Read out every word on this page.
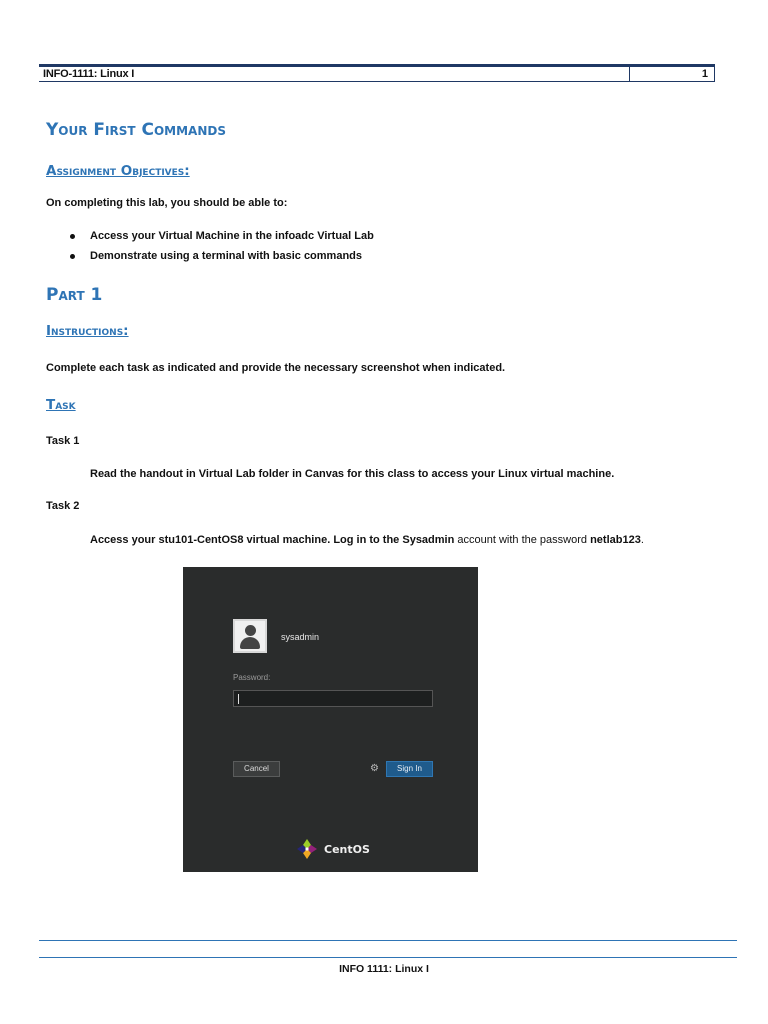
INFO-1111: Linux I	1
Your First Commands
Assignment Objectives:
On completing this lab, you should be able to:
Access your Virtual Machine in the infoadc Virtual Lab
Demonstrate using a terminal with basic commands
Part 1
Instructions:
Complete each task as indicated and provide the necessary screenshot when indicated.
Task
Task 1
Read the handout in Virtual Lab folder in Canvas for this class to access your Linux virtual machine.
Task 2
Access your stu101-CentOS8 virtual machine. Log in to the Sysadmin account with the password netlab123.
sysadmin
Password:
Cancel	⚙	Sign In
CentOS
INFO 1111: Linux I
